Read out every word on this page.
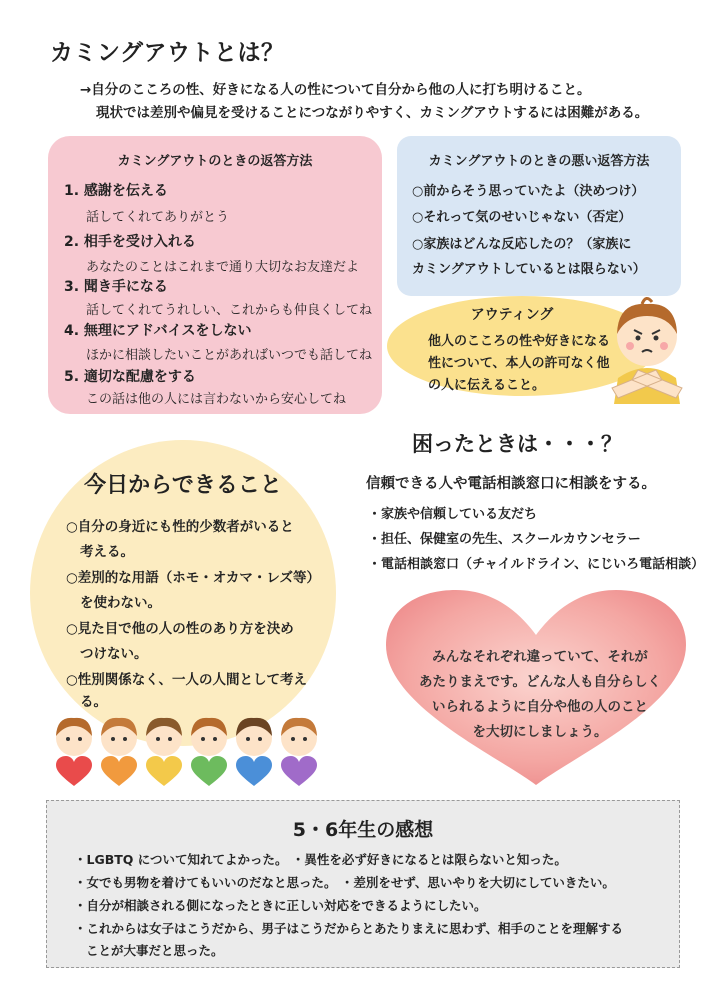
カミングアウトとは？
→自分のこころの性、好きになる人の性について自分から他の人に打ち明けること。
現状では差別や偏見を受けることにつながりやすく、カミングアウトするには困難がある。
カミングアウトのときの返答方法
1. 感謝を伝える
話してくれてありがとう
2. 相手を受け入れる
あなたのことはこれまで通り大切なお友達だよ
3. 聞き手になる
話してくれてうれしい、これからも仲良くしてね
4. 無理にアドバイスをしない
ほかに相談したいことがあればいつでも話してね
5. 適切な配慮をする
この話は他の人には言わないから安心してね
カミングアウトのときの悪い返答方法
○前からそう思っていたよ（決めつけ）
○それって気のせいじゃない（否定）
○家族はどんな反応したの？（家族に
カミングアウトしているとは限らない）
アウティング
他人のこころの性や好きになる
性について、本人の許可なく他
の人に伝えること。
今日からできること
○自分の身近にも性的少数者がいると
考える。
○差別的な用語（ホモ・オカマ・レズ等）
を使わない。
○見た目で他の人の性のあり方を決め
つけない。
○性別関係なく、一人の人間として考え
る。
困ったときは・・・？
信頼できる人や電話相談窓口に相談をする。
・家族や信頼している友だち
・担任、保健室の先生、スクールカウンセラー
・電話相談窓口（チャイルドライン、にじいろ電話相談）
みんなそれぞれ違っていて、それが
あたりまえです。どんな人も自分らしく
いられるように自分や他の人のこと
を大切にしましょう。
5・6年生の感想
・LGBTQ について知れてよかった。 ・異性を必ず好きになるとは限らないと知った。
・女でも男物を着けてもいいのだなと思った。 ・差別をせず、思いやりを大切にしていきたい。
・自分が相談される側になったときに正しい対応をできるようにしたい。
・これからは女子はこうだから、男子はこうだからとあたりまえに思わず、相手のことを理解する
ことが大事だと思った。
